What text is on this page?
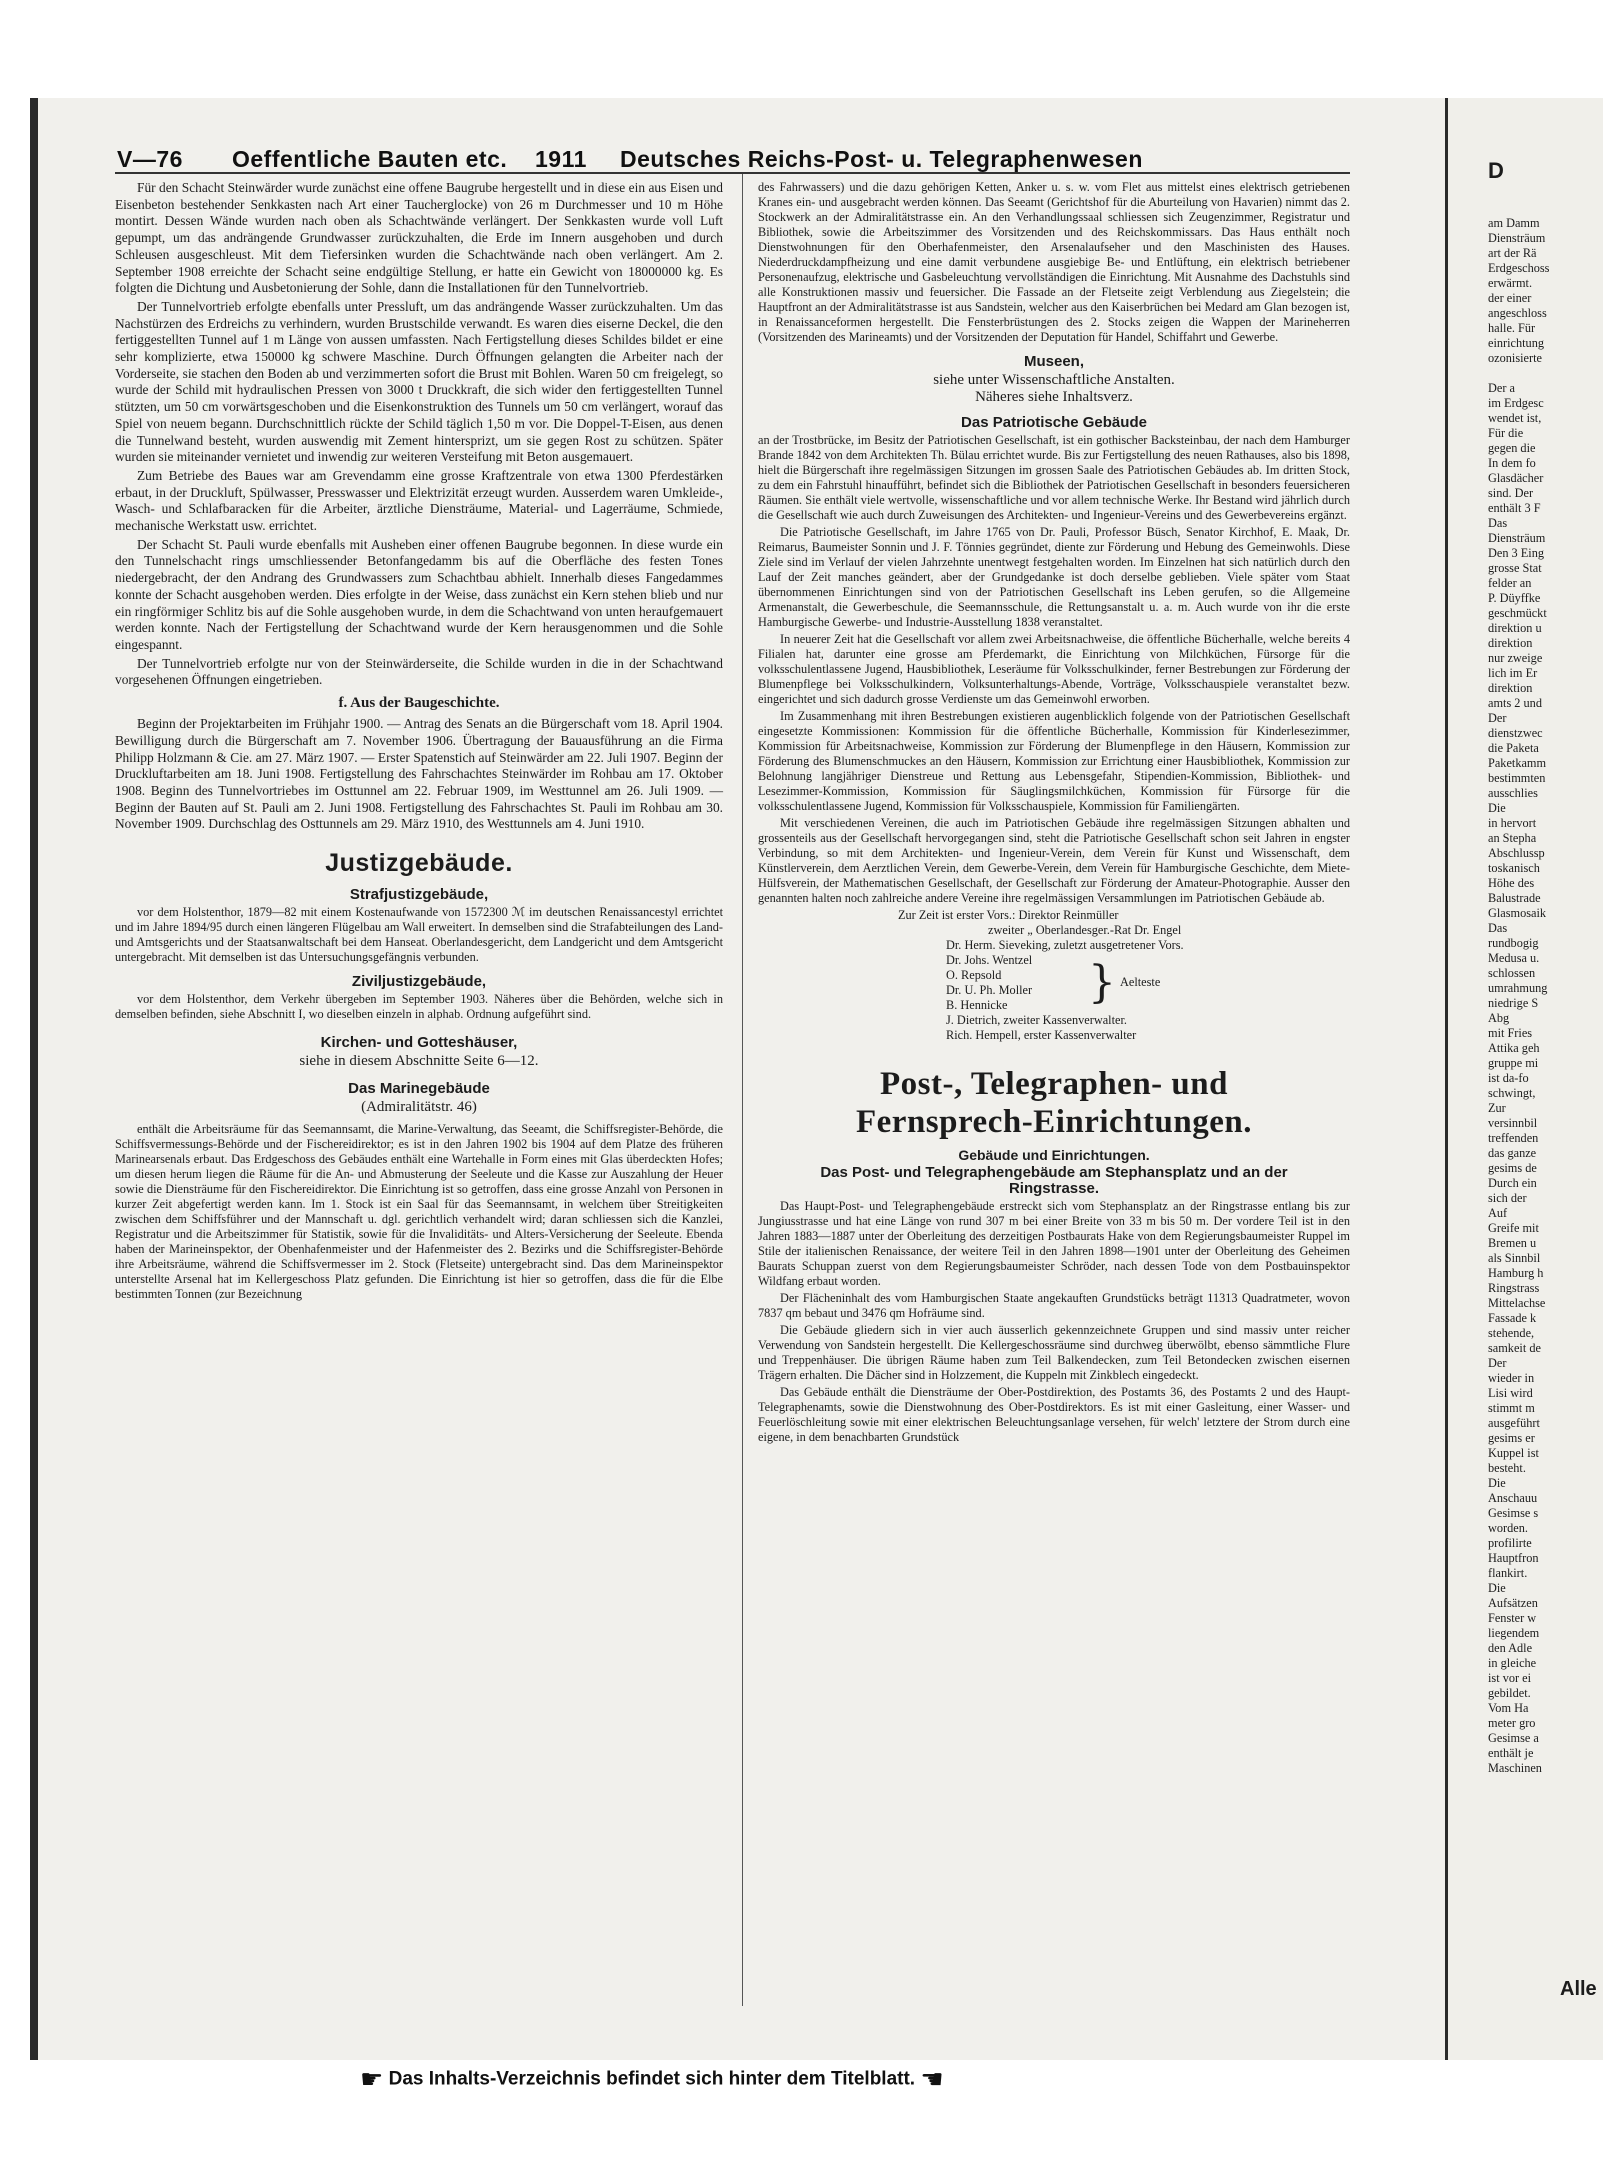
V—76 Oeffentliche Bauten etc. 1911 Deutsches Reichs-Post- u. Telegraphenwesen

Für den Schacht Steinwärder wurde zunächst eine offene Baugrube hergestellt und in diese ein aus Eisen und Eisenbeton bestehender Senkkasten nach Art einer Taucherglocke) von 26 m Durchmesser und 10 m Höhe montirt. Dessen Wände wurden nach oben als Schachtwände verlängert. Der Senkkasten wurde voll Luft gepumpt, um das andrängende Grundwasser zurückzuhalten, die Erde im Innern ausgehoben und durch Schleusen ausgeschleust. Mit dem Tiefersinken wurden die Schachtwände nach oben verlängert. Am 2. September 1908 erreichte der Schacht seine endgültige Stellung, er hatte ein Gewicht von 18000000 kg. Es folgten die Dichtung und Ausbetonierung der Sohle, dann die Installationen für den Tunnelvortrieb.

Der Tunnelvortrieb erfolgte ebenfalls unter Pressluft, um das andrängende Wasser zurückzuhalten. Um das Nachstürzen des Erdreichs zu verhindern, wurden Brustschilde verwandt. Es waren dies eiserne Deckel, die den fertiggestellten Tunnel auf 1 m Länge von aussen umfassten. Nach Fertigstellung dieses Schildes bildet er eine sehr komplizierte, etwa 150000 kg schwere Maschine. Durch Öffnungen gelangten die Arbeiter nach der Vorderseite, sie stachen den Boden ab und verzimmerten sofort die Brust mit Bohlen. Waren 50 cm freigelegt, so wurde der Schild mit hydraulischen Pressen von 3000 t Druckkraft, die sich wider den fertiggestellten Tunnel stützten, um 50 cm vorwärtsgeschoben und die Eisenkonstruktion des Tunnels um 50 cm verlängert, worauf das Spiel von neuem begann. Durchschnittlich rückte der Schild täglich 1,50 m vor. Die Doppel-T-Eisen, aus denen die Tunnelwand besteht, wurden auswendig mit Zement hintersprizt, um sie gegen Rost zu schützen. Später wurden sie miteinander vernietet und inwendig zur weiteren Versteifung mit Beton ausgemauert.

Zum Betriebe des Baues war am Grevendamm eine grosse Kraftzentrale von etwa 1300 Pferdestärken erbaut, in der Druckluft, Spülwasser, Presswasser und Elektrizität erzeugt wurden. Ausserdem waren Umkleide-, Wasch- und Schlafbaracken für die Arbeiter, ärztliche Diensträume, Material- und Lagerräume, Schmiede, mechanische Werkstatt usw. errichtet.

Der Schacht St. Pauli wurde ebenfalls mit Ausheben einer offenen Baugrube begonnen. In diese wurde ein den Tunnelschacht rings umschliessender Betonfangedamm bis auf die Oberfläche des festen Tones niedergebracht, der den Andrang des Grundwassers zum Schachtbau abhielt. Innerhalb dieses Fangedammes konnte der Schacht ausgehoben werden. Dies erfolgte in der Weise, dass zunächst ein Kern stehen blieb und nur ein ringförmiger Schlitz bis auf die Sohle ausgehoben wurde, in dem die Schachtwand von unten heraufgemauert werden konnte. Nach der Fertigstellung der Schachtwand wurde der Kern herausgenommen und die Sohle eingespannt.

Der Tunnelvortrieb erfolgte nur von der Steinwärderseite, die Schilde wurden in die in der Schachtwand vorgesehenen Öffnungen eingetrieben.

f. Aus der Baugeschichte.

Beginn der Projektarbeiten im Frühjahr 1900. — Antrag des Senats an die Bürgerschaft vom 18. April 1904. Bewilligung durch die Bürgerschaft am 7. November 1906. Übertragung der Bauausführung an die Firma Philipp Holzmann & Cie. am 27. März 1907. — Erster Spatenstich auf Steinwärder am 22. Juli 1907. Beginn der Druckluftarbeiten am 18. Juni 1908. Fertigstellung des Fahrschachtes Steinwärder im Rohbau am 17. Oktober 1908. Beginn des Tunnelvortriebes im Osttunnel am 22. Februar 1909, im Westtunnel am 26. Juli 1909. — Beginn der Bauten auf St. Pauli am 2. Juni 1908. Fertigstellung des Fahrschachtes St. Pauli im Rohbau am 30. November 1909. Durchschlag des Osttunnels am 29. März 1910, des Westtunnels am 4. Juni 1910.

Justizgebäude.
Strafjustizgebäude,

vor dem Holstenthor, 1879—82 mit einem Kostenaufwande von 1572300 ℳ im deutschen Renaissancestyl errichtet und im Jahre 1894/95 durch einen längeren Flügelbau am Wall erweitert. In demselben sind die Strafabteilungen des Land- und Amtsgerichts und der Staatsanwaltschaft bei dem Hanseat. Oberlandesgericht, dem Landgericht und dem Amtsgericht untergebracht. Mit demselben ist das Untersuchungsgefängnis verbunden.

Ziviljustizgebäude,

vor dem Holstenthor, dem Verkehr übergeben im September 1903. Näheres über die Behörden, welche sich in demselben befinden, siehe Abschnitt I, wo dieselben einzeln in alphab. Ordnung aufgeführt sind.

Kirchen- und Gotteshäuser,
siehe in diesem Abschnitte Seite 6—12.
Das Marinegebäude
(Admiralitätstr. 46)

enthält die Arbeitsräume für das Seemannsamt, die Marine-Verwaltung, das Seeamt, die Schiffsregister-Behörde, die Schiffsvermessungs-Behörde und der Fischereidirektor; es ist in den Jahren 1902 bis 1904 auf dem Platze des früheren Marinearsenals erbaut. Das Erdgeschoss des Gebäudes enthält eine Wartehalle in Form eines mit Glas überdeckten Hofes; um diesen herum liegen die Räume für die An- und Abmusterung der Seeleute und die Kasse zur Auszahlung der Heuer sowie die Diensträume für den Fischereidirektor. Die Einrichtung ist so getroffen, dass eine grosse Anzahl von Personen in kurzer Zeit abgefertigt werden kann. Im 1. Stock ist ein Saal für das Seemannsamt, in welchem über Streitigkeiten zwischen dem Schiffsführer und der Mannschaft u. dgl. gerichtlich verhandelt wird; daran schliessen sich die Kanzlei, Registratur und die Arbeitszimmer für Statistik, sowie für die Invaliditäts- und Alters-Versicherung der Seeleute. Ebenda haben der Marineinspektor, der Obenhafenmeister und der Hafenmeister des 2. Bezirks und die Schiffsregister-Behörde ihre Arbeitsräume, während die Schiffsvermesser im 2. Stock (Fletseite) untergebracht sind. Das dem Marineinspektor unterstellte Arsenal hat im Kellergeschoss Platz gefunden. Die Einrichtung ist hier so getroffen, dass die für die Elbe bestimmten Tonnen (zur Bezeichnung

des Fahrwassers) und die dazu gehörigen Ketten, Anker u. s. w. vom Flet aus mittelst eines elektrisch getriebenen Kranes ein- und ausgebracht werden können. Das Seeamt (Gerichtshof für die Aburteilung von Havarien) nimmt das 2. Stockwerk an der Admiralitätstrasse ein. An den Verhandlungssaal schliessen sich Zeugenzimmer, Registratur und Bibliothek, sowie die Arbeitszimmer des Vorsitzenden und des Reichskommissars. Das Haus enthält noch Dienstwohnungen für den Oberhafenmeister, den Arsenalaufseher und den Maschinisten des Hauses. Niederdruckdampfheizung und eine damit verbundene ausgiebige Be- und Entlüftung, ein elektrisch betriebener Personenaufzug, elektrische und Gasbeleuchtung vervollständigen die Einrichtung. Mit Ausnahme des Dachstuhls sind alle Konstruktionen massiv und feuersicher. Die Fassade an der Fletseite zeigt Verblendung aus Ziegelstein; die Hauptfront an der Admiralitätstrasse ist aus Sandstein, welcher aus den Kaiserbrüchen bei Medard am Glan bezogen ist, in Renaissanceformen hergestellt. Die Fensterbrüstungen des 2. Stocks zeigen die Wappen der Marineherren (Vorsitzenden des Marineamts) und der Vorsitzenden der Deputation für Handel, Schiffahrt und Gewerbe.

Museen,
siehe unter Wissenschaftliche Anstalten.
Näheres siehe Inhaltsverz.
Das Patriotische Gebäude

an der Trostbrücke, im Besitz der Patriotischen Gesellschaft, ist ein gothischer Backsteinbau, der nach dem Hamburger Brande 1842 von dem Architekten Th. Bülau errichtet wurde. Bis zur Fertigstellung des neuen Rathauses, also bis 1898, hielt die Bürgerschaft ihre regelmässigen Sitzungen im grossen Saale des Patriotischen Gebäudes ab. Im dritten Stock, zu dem ein Fahrstuhl hinaufführt, befindet sich die Bibliothek der Patriotischen Gesellschaft in besonders feuersicheren Räumen. Sie enthält viele wertvolle, wissenschaftliche und vor allem technische Werke. Ihr Bestand wird jährlich durch die Gesellschaft wie auch durch Zuweisungen des Architekten- und Ingenieur-Vereins und des Gewerbevereins ergänzt.

Die Patriotische Gesellschaft, im Jahre 1765 von Dr. Pauli, Professor Büsch, Senator Kirchhof, E. Maak, Dr. Reimarus, Baumeister Sonnin und J. F. Tönnies gegründet, diente zur Förderung und Hebung des Gemeinwohls. Diese Ziele sind im Verlauf der vielen Jahrzehnte unentwegt festgehalten worden. Im Einzelnen hat sich natürlich durch den Lauf der Zeit manches geändert, aber der Grundgedanke ist doch derselbe geblieben. Viele später vom Staat übernommenen Einrichtungen sind von der Patriotischen Gesellschaft ins Leben gerufen, so die Allgemeine Armenanstalt, die Gewerbeschule, die Seemannsschule, die Rettungsanstalt u. a. m. Auch wurde von ihr die erste Hamburgische Gewerbe- und Industrie-Ausstellung 1838 veranstaltet.

In neuerer Zeit hat die Gesellschaft vor allem zwei Arbeitsnachweise, die öffentliche Bücherhalle, welche bereits 4 Filialen hat, darunter eine grosse am Pferdemarkt, die Einrichtung von Milchküchen, Fürsorge für die volksschulentlassene Jugend, Hausbibliothek, Leseräume für Volksschulkinder, ferner Bestrebungen zur Förderung der Blumenpflege bei Volksschulkindern, Volksunterhaltungs-Abende, Vorträge, Volksschauspiele veranstaltet bezw. eingerichtet und sich dadurch grosse Verdienste um das Gemeinwohl erworben.

Im Zusammenhang mit ihren Bestrebungen existieren augenblicklich folgende von der Patriotischen Gesellschaft eingesetzte Kommissionen: Kommission für die öffentliche Bücherhalle, Kommission für Kinderlesezimmer, Kommission für Arbeitsnachweise, Kommission zur Förderung der Blumenpflege in den Häusern, Kommission zur Förderung des Blumenschmuckes an den Häusern, Kommission zur Errichtung einer Hausbibliothek, Kommission zur Belohnung langjähriger Dienstreue und Rettung aus Lebensgefahr, Stipendien-Kommission, Bibliothek- und Lesezimmer-Kommission, Kommission für Säuglingsmilchküchen, Kommission für Fürsorge für die volksschulentlassene Jugend, Kommission für Volksschauspiele, Kommission für Familiengärten.

Mit verschiedenen Vereinen, die auch im Patriotischen Gebäude ihre regelmässigen Sitzungen abhalten und grossenteils aus der Gesellschaft hervorgegangen sind, steht die Patriotische Gesellschaft schon seit Jahren in engster Verbindung, so mit dem Architekten- und Ingenieur-Verein, dem Verein für Kunst und Wissenschaft, dem Künstlerverein, dem Aerztlichen Verein, dem Gewerbe-Verein, dem Verein für Hamburgische Geschichte, dem Miete-Hülfsverein, der Mathematischen Gesellschaft, der Gesellschaft zur Förderung der Amateur-Photographie. Ausser den genannten halten noch zahlreiche andere Vereine ihre regelmässigen Versammlungen im Patriotischen Gebäude ab.

Zur Zeit ist erster Vors.: Direktor Reinmüller
zweiter „ Oberlandesger.-Rat Dr. Engel
Dr. Herm. Sieveking, zuletzt ausgetretener Vors.
Dr. Johs. Wentzel
O. Repsold
Dr. U. Ph. Moller
B. Hennicke	} Aelteste
J. Dietrich, zweiter Kassenverwalter.
Rich. Hempell, erster Kassenverwalter
Post-, Telegraphen- und
Fernsprech-Einrichtungen.
Gebäude und Einrichtungen.
Das Post- und Telegraphengebäude am Stephansplatz und an der Ringstrasse.

Das Haupt-Post- und Telegraphengebäude erstreckt sich vom Stephansplatz an der Ringstrasse entlang bis zur Jungiusstrasse und hat eine Länge von rund 307 m bei einer Breite von 33 m bis 50 m. Der vordere Teil ist in den Jahren 1883—1887 unter der Oberleitung des derzeitigen Postbaurats Hake von dem Regierungsbaumeister Ruppel im Stile der italienischen Renaissance, der weitere Teil in den Jahren 1898—1901 unter der Oberleitung des Geheimen Baurats Schuppan zuerst von dem Regierungsbaumeister Schröder, nach dessen Tode von dem Postbauinspektor Wildfang erbaut worden.

Der Flächeninhalt des vom Hamburgischen Staate angekauften Grundstücks beträgt 11313 Quadratmeter, wovon 7837 qm bebaut und 3476 qm Hofräume sind.

Die Gebäude gliedern sich in vier auch äusserlich gekennzeichnete Gruppen und sind massiv unter reicher Verwendung von Sandstein hergestellt. Die Kellergeschossräume sind durchweg überwölbt, ebenso sämmtliche Flure und Treppenhäuser. Die übrigen Räume haben zum Teil Balkendecken, zum Teil Betondecken zwischen eisernen Trägern erhalten. Die Dächer sind in Holzzement, die Kuppeln mit Zinkblech eingedeckt.

Das Gebäude enthält die Diensträume der Ober-Postdirektion, des Postamts 36, des Postamts 2 und des Haupt-Telegraphenamts, sowie die Dienstwohnung des Ober-Postdirektors. Es ist mit einer Gasleitung, einer Wasser- und Feuerlöschleitung sowie mit einer elektrischen Beleuchtungsanlage versehen, für welch' letztere der Strom durch eine eigene, in dem benachbarten Grundstück

☛ Das Inhalts-Verzeichnis befindet sich hinter dem Titelblatt. ☚
D
am Damm
Diensträum
art der Rä
Erdgeschoss
erwärmt.
der einer
angeschloss
halle. Für
einrichtung
ozonisierte

Der a
im Erdgesc
wendet ist,
Für die
gegen die
In dem fo
Glasdächer
sind. Der
enthält 3 F
Das
Diensträum
Den 3 Eing
grosse Stat
felder an
P. Düyffke
geschmückt
direktion u
direktion
nur zweige
lich im Er
direktion
amts 2 und
Der
dienstzwec
die Paketa
Paketkamm
bestimmten
ausschlies
Die
in hervort
an Stepha
Abschlussp
toskanisch
Höhe des
Balustrade
Glasmosaik
Das
rundbogig
Medusa u.
schlossen
umrahmung
niedrige S
Abg
mit Fries
Attika geh
gruppe mi
ist da-fo
schwingt,
Zur
versinnbil
treffenden
das ganze
gesims de
Durch ein
sich der
Auf
Greife mit
Bremen u
als Sinnbil
Hamburg h
Ringstrass
Mittelachse
Fassade k
stehende,
samkeit de
Der
wieder in
Lisi wird
stimmt m
ausgeführt
gesims er
Kuppel ist
besteht.
Die
Anschauu
Gesimse s
worden.
profilirte
Hauptfron
flankirt.
Die
Aufsätzen
Fenster w
liegendem
den Adle
in gleiche
ist vor ei
gebildet.
Vom Ha
meter gro
Gesimse a
enthält je
Maschinen
Alle
